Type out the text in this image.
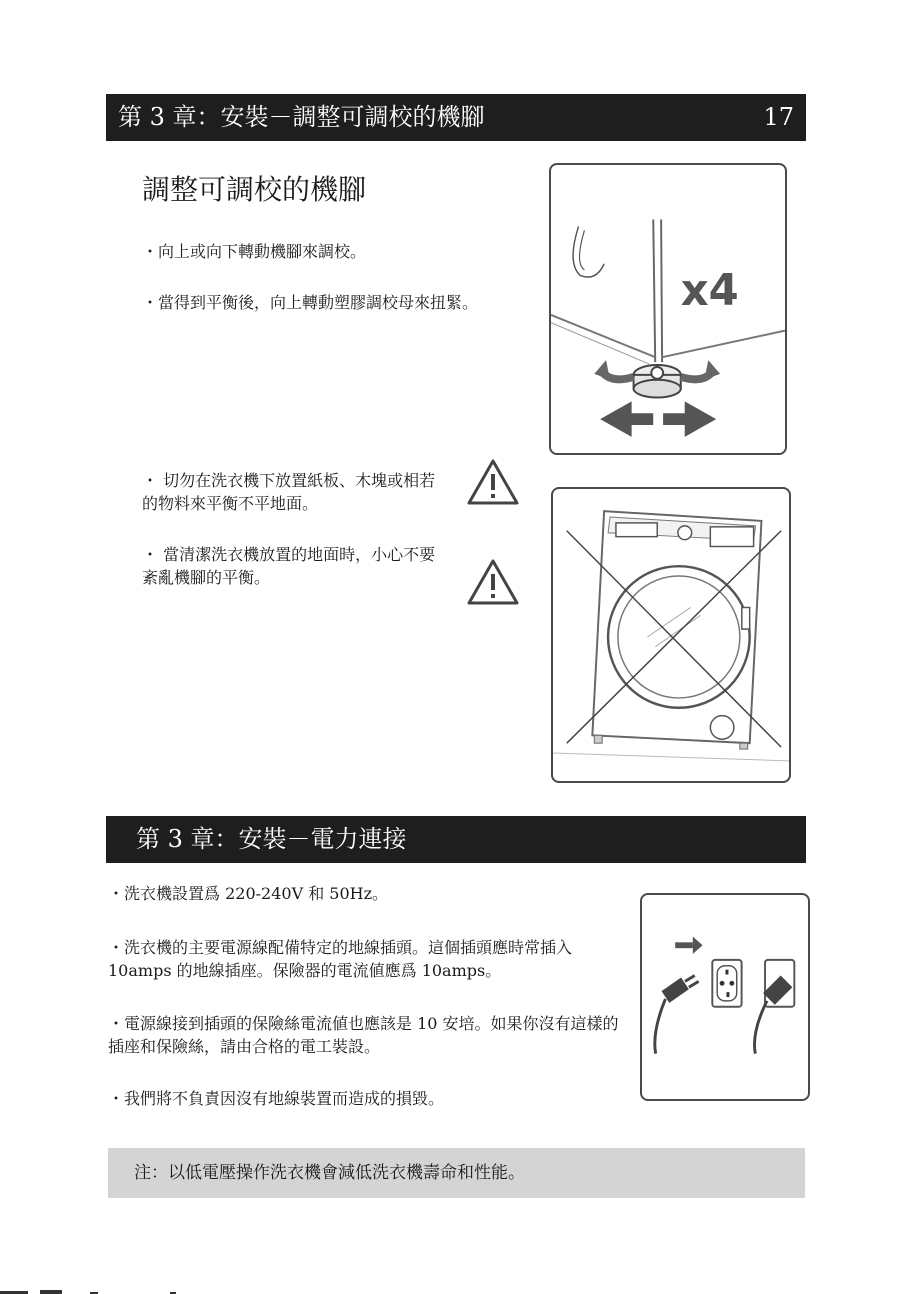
第 3 章：安裝－調整可調校的機腳	17
調整可調校的機腳
・向上或向下轉動機腳來調校。
・當得到平衡後，向上轉動塑膠調校母來扭緊。
・ 切勿在洗衣機下放置紙板、木塊或相若的物料來平衡不平地面。
・ 當清潔洗衣機放置的地面時，小心不要紊亂機腳的平衡。
x4
第 3 章：安裝－電力連接
・洗衣機設置爲 220-240V 和 50Hz。
・洗衣機的主要電源線配備特定的地線插頭。這個插頭應時常插入 10amps 的地線插座。保險器的電流値應爲 10amps。
・電源線接到插頭的保險絲電流値也應該是 10 安培。如果你沒有這樣的插座和保險絲，請由合格的電工裝設。
・我們將不負責因沒有地線裝置而造成的損毀。
注：以低電壓操作洗衣機會減低洗衣機壽命和性能。
